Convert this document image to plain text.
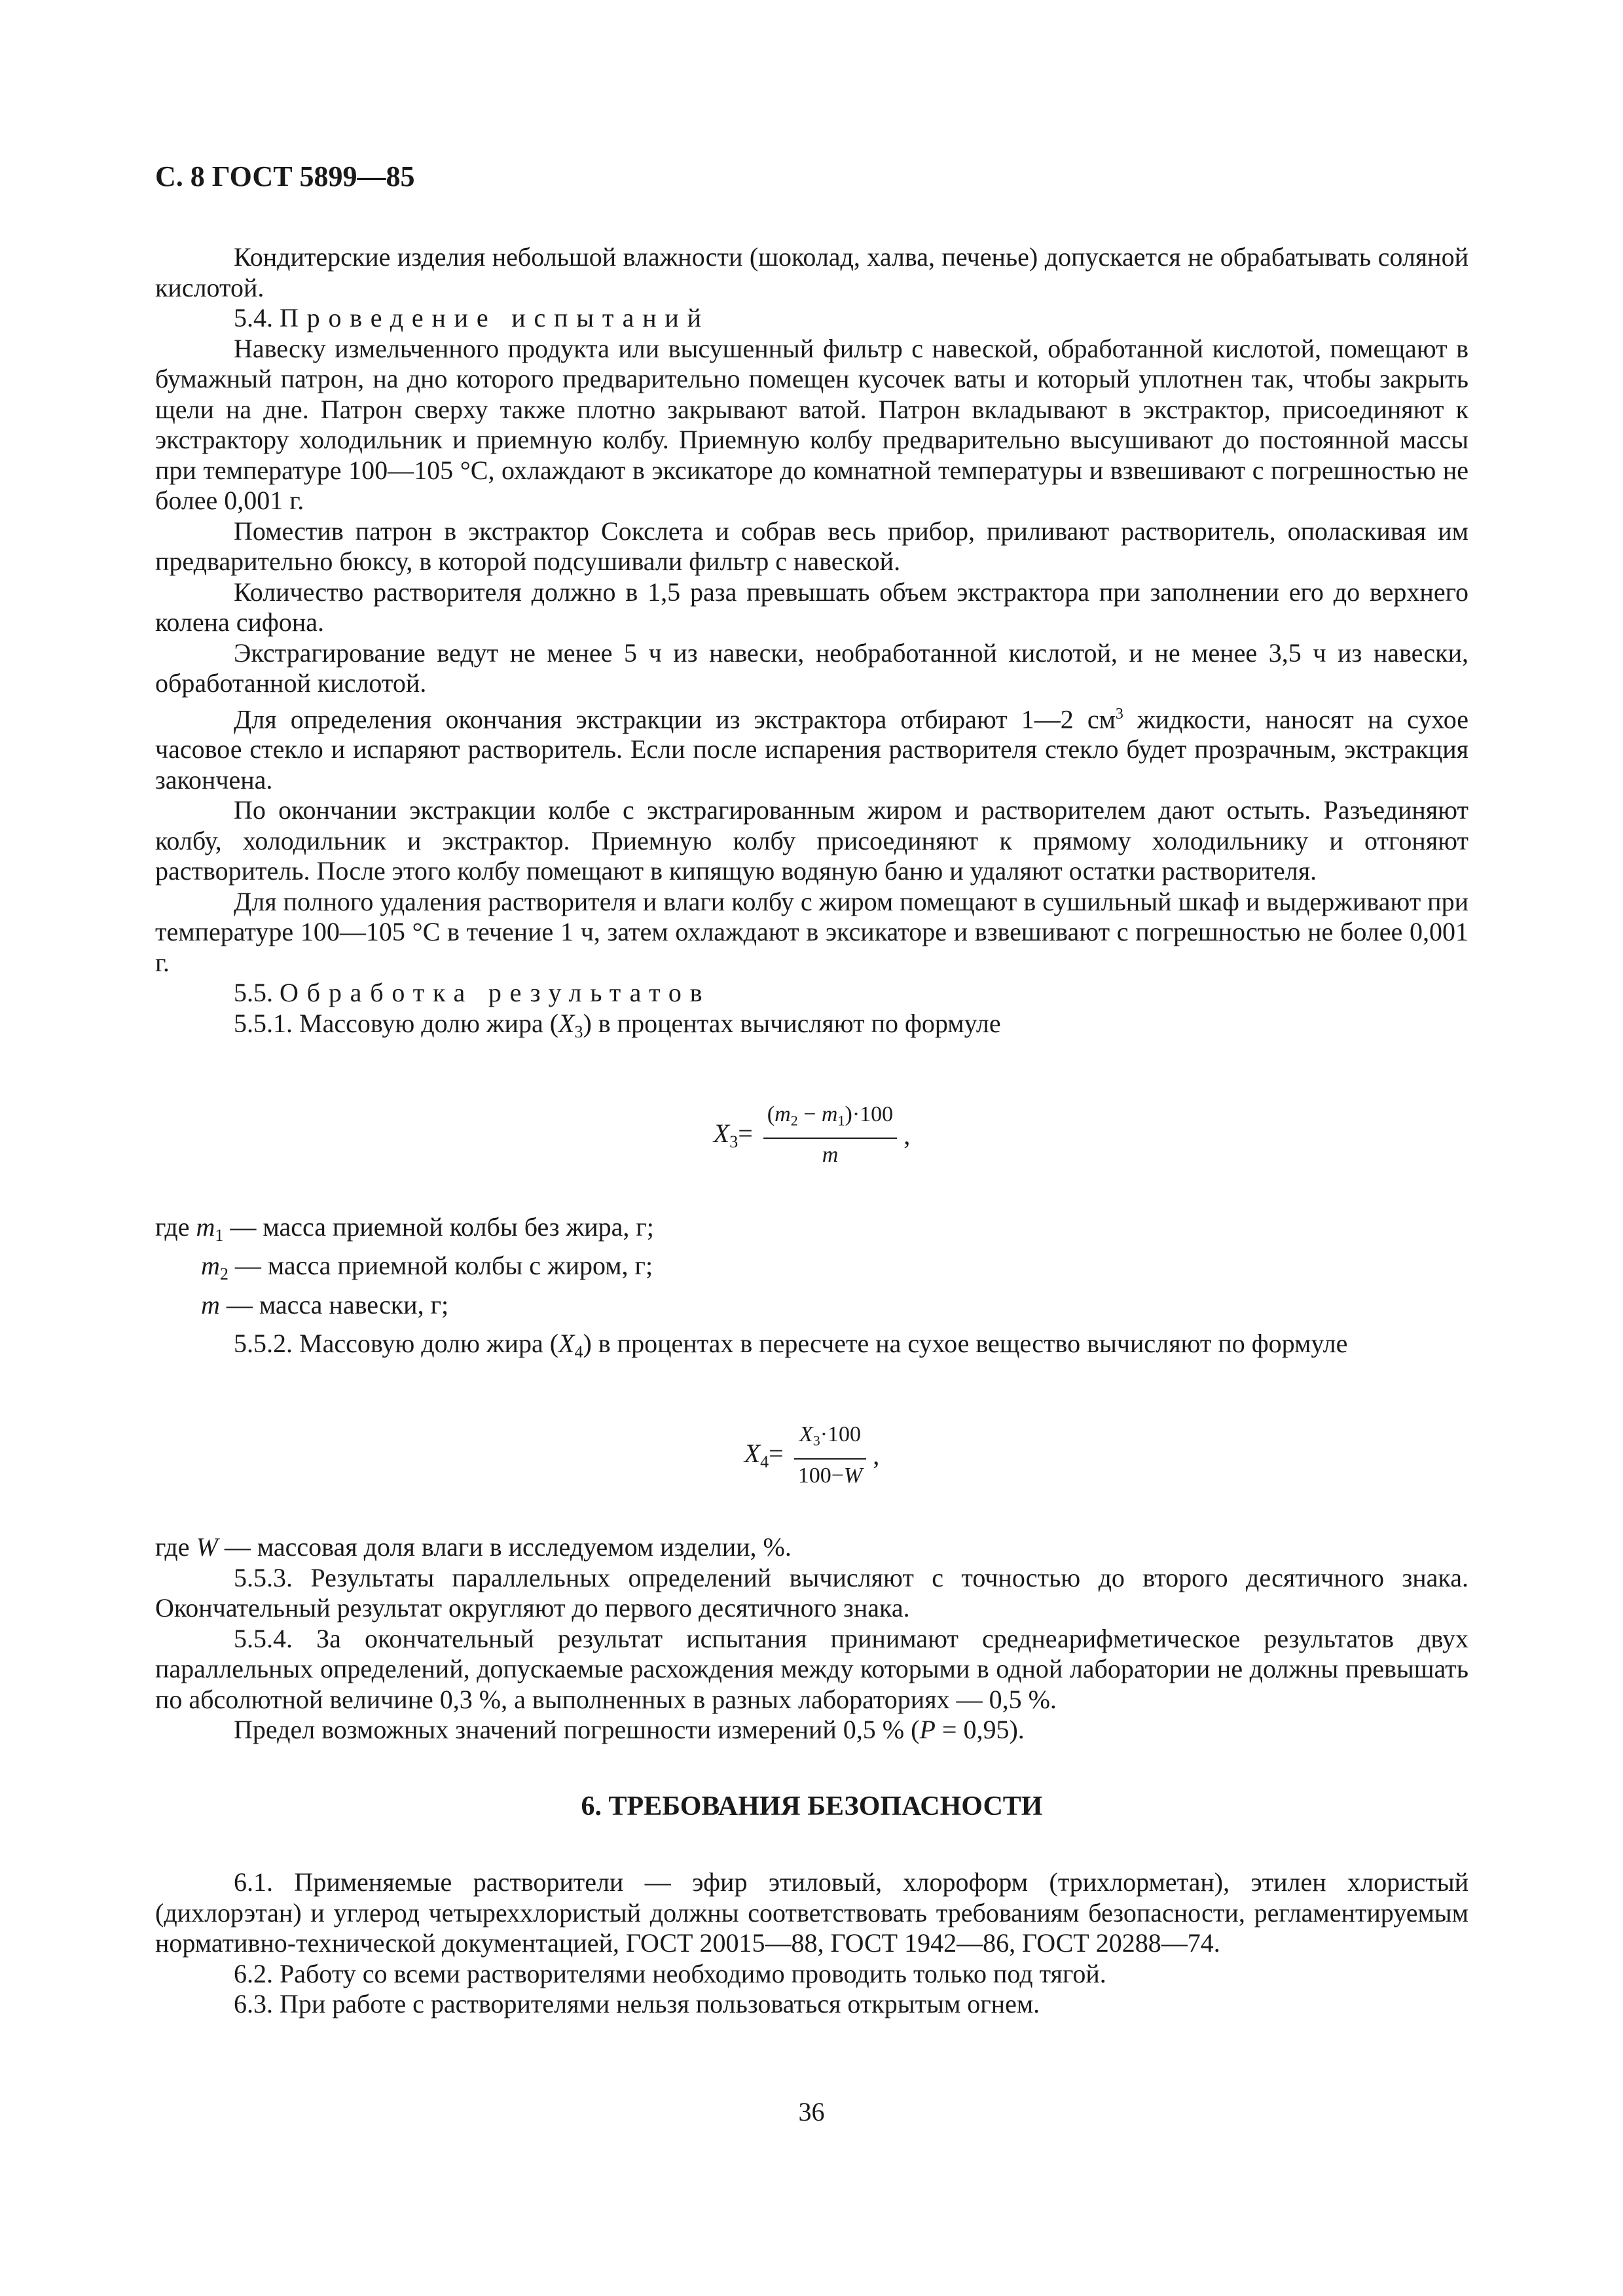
С. 8 ГОСТ 5899—85

Кондитерские изделия небольшой влажности (шоколад, халва, печенье) допускается не обрабатывать соляной кислотой.

5.4. Проведение испытаний

Навеску измельченного продукта или высушенный фильтр с навеской, обработанной кислотой, помещают в бумажный патрон, на дно которого предварительно помещен кусочек ваты и который уплотнен так, чтобы закрыть щели на дне. Патрон сверху также плотно закрывают ватой. Патрон вкладывают в экстрактор, присоединяют к экстрактору холодильник и приемную колбу. Приемную колбу предварительно высушивают до постоянной массы при температуре 100—105 °С, охлаждают в эксикаторе до комнатной температуры и взвешивают с погрешностью не более 0,001 г.

Поместив патрон в экстрактор Сокслета и собрав весь прибор, приливают растворитель, ополаскивая им предварительно бюксу, в которой подсушивали фильтр с навеской.

Количество растворителя должно в 1,5 раза превышать объем экстрактора при заполнении его до верхнего колена сифона.

Экстрагирование ведут не менее 5 ч из навески, необработанной кислотой, и не менее 3,5 ч из навески, обработанной кислотой.

Для определения окончания экстракции из экстрактора отбирают 1—2 $см^3$ жидкости, наносят на сухое часовое стекло и испаряют растворитель. Если после испарения растворителя стекло будет прозрачным, экстракция закончена.

По окончании экстракции колбе с экстрагированным жиром и растворителем дают остыть. Разъединяют колбу, холодильник и экстрактор. Приемную колбу присоединяют к прямому холодильнику и отгоняют растворитель. После этого колбу помещают в кипящую водяную баню и удаляют остатки растворителя.

Для полного удаления растворителя и влаги колбу с жиром помещают в сушильный шкаф и выдерживают при температуре 100—105 °С в течение 1 ч, затем охлаждают в эксикаторе и взвешивают с погрешностью не более 0,001 г.

5.5. Обработка результатов

5.5.1. Массовую долю жира $(X_3)$ в процентах вычисляют по формуле

$X_3= \frac{(m_2 - m_1)\cdot 100}{m}$ ,

где $m_1$ — масса приемной колбы без жира, г;

$m_2$ — масса приемной колбы с жиром, г;

m — масса навески, г;

5.5.2. Массовую долю жира $(X_4)$ в процентах в пересчете на сухое вещество вычисляют по формуле

$X_4= \frac{X_3\cdot 100}{100-W}$ ,

где W — массовая доля влаги в исследуемом изделии, %.

5.5.3. Результаты параллельных определений вычисляют с точностью до второго десятичного знака. Окончательный результат округляют до первого десятичного знака.

5.5.4. За окончательный результат испытания принимают среднеарифметическое результатов двух параллельных определений, допускаемые расхождения между которыми в одной лаборатории не должны превышать по абсолютной величине 0,3 %, а выполненных в разных лабораториях — 0,5 %.

Предел возможных значений погрешности измерений 0,5 % (P = 0,95).

6. ТРЕБОВАНИЯ БЕЗОПАСНОСТИ

6.1. Применяемые растворители — эфир этиловый, хлороформ (трихлорметан), этилен хлористый (дихлорэтан) и углерод четыреххлористый должны соответствовать требованиям безопасности, регламентируемым нормативно-технической документацией, ГОСТ 20015—88, ГОСТ 1942—86, ГОСТ 20288—74.

6.2. Работу со всеми растворителями необходимо проводить только под тягой.

6.3. При работе с растворителями нельзя пользоваться открытым огнем.

36
